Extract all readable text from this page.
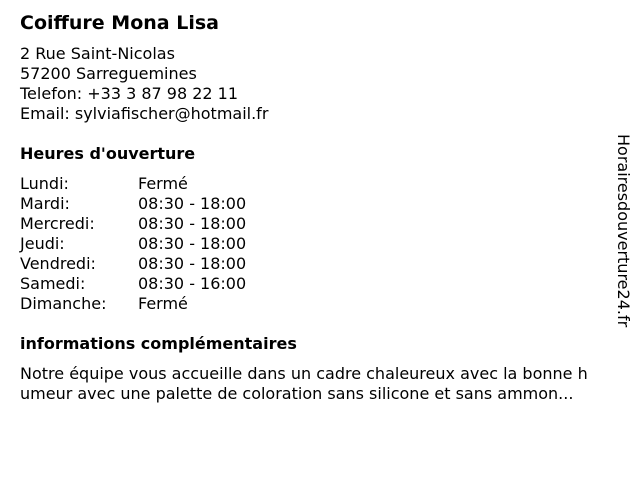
Coiffure Mona Lisa
2 Rue Saint-Nicolas
57200 Sarreguemines
Telefon: +33 3 87 98 22 11
Email: sylviafischer@hotmail.fr
Heures d'ouverture
Lundi:	Fermé
Mardi:	08:30 - 18:00
Mercredi:	08:30 - 18:00
Jeudi:	08:30 - 18:00
Vendredi:	08:30 - 18:00
Samedi:	08:30 - 16:00
Dimanche:	Fermé
informations complémentaires
Notre équipe vous accueille dans un cadre chaleureux avec la bonne h
umeur avec une palette de coloration sans silicone et sans ammon...
Horairesdouverture24.fr
